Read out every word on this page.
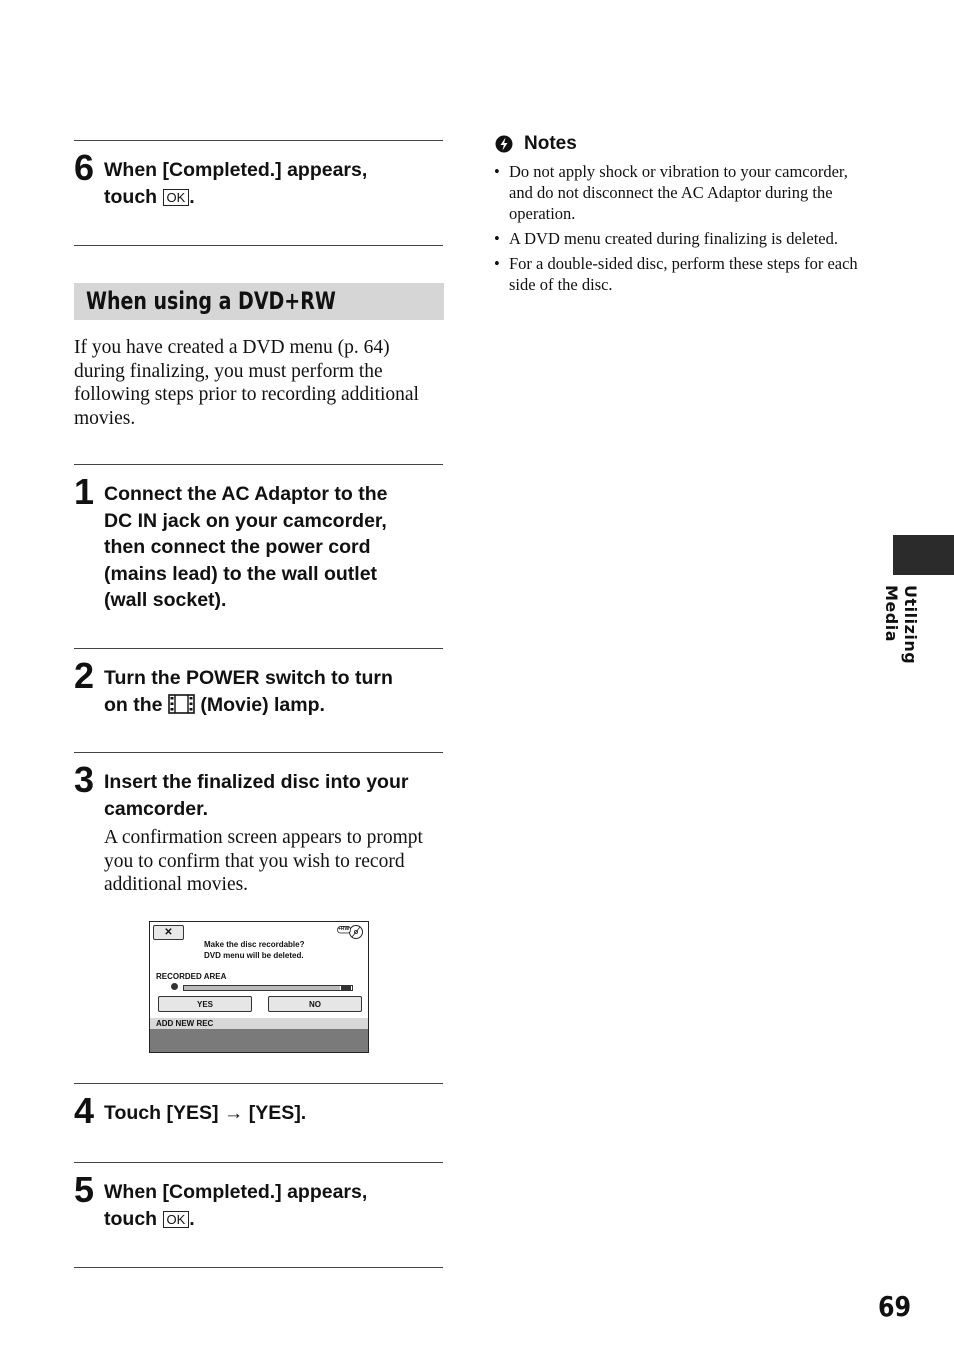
6 When [Completed.] appears,
touch OK .
When using a DVD+RW
If you have created a DVD menu (p. 64) during finalizing, you must perform the following steps prior to recording additional movies.
1 Connect the AC Adaptor to the
DC IN jack on your camcorder,
then connect the power cord
(mains lead) to the wall outlet
(wall socket).
2 Turn the POWER switch to turn
on the  (Movie) lamp.
3 Insert the finalized disc into your camcorder.
A confirmation screen appears to prompt you to confirm that you wish to record additional movies.
✕	+RW
Make the disc recordable?
DVD menu will be deleted.
RECORDED AREA
YES	NO
ADD NEW REC
4 Touch [YES] → [YES].
5 When [Completed.] appears,
touch OK .
Notes
• Do not apply shock or vibration to your camcorder, and do not disconnect the AC Adaptor during the operation.
• A DVD menu created during finalizing is deleted.
• For a double-sided disc, perform these steps for each side of the disc.
Utilizing Media
69
